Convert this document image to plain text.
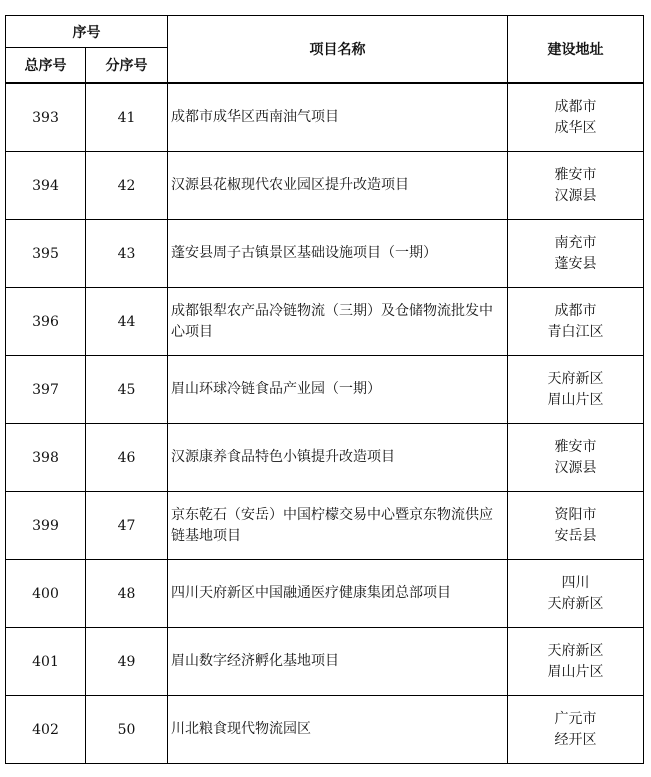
序号		项目名称	建设地址
总序号	分序号		
393	41	成都市成华区西南油气项目	成都市
成华区

394	42	汉源县花椒现代农业园区提升改造项目	雅安市
汉源县

395	43	蓬安县周子古镇景区基础设施项目（一期）	南充市
蓬安县

396	44	成都银犁农产品冷链物流（三期）及仓储物流批发中心项目	成都市
青白江区

397	45	眉山环球冷链食品产业园（一期）	天府新区
眉山片区

398	46	汉源康养食品特色小镇提升改造项目	雅安市
汉源县

399	47	京东乾石（安岳）中国柠檬交易中心暨京东物流供应链基地项目	资阳市
安岳县

400	48	四川天府新区中国融通医疗健康集团总部项目	四川
天府新区

401	49	眉山数字经济孵化基地项目	天府新区
眉山片区

402	50	川北粮食现代物流园区	广元市
经开区
